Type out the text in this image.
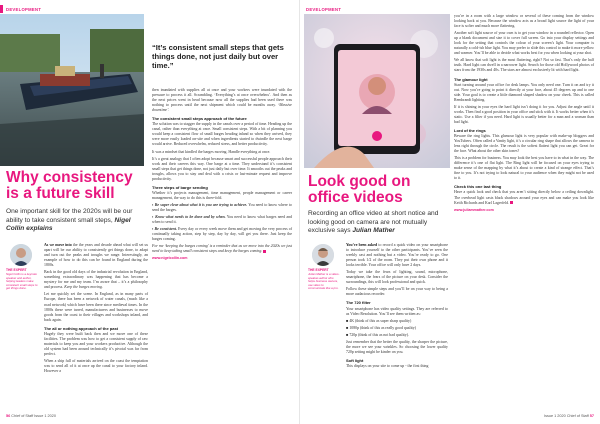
DEVELOPMENT
Why consistency is a future skill
One important skill for the 2020s will be our ability to take consistent small steps, Nigel Collin explains
THE EXPERT
Nigel Collin is a keynote speaker and author, helping leaders make consistent small steps to get things done.

As we move into the the years and decade ahead what will set us apart will be our ability to consistently get things done, to adapt and turn out the peaks and troughs we range. Interestingly, an example of how to do this can be found in England during the 1800s.

Back in the good old days of the industrial revolution in England, something extraordinary was happening that has become a mystery for me and my team. I’m aware that – it’s a philosophy and process. Keep the barges moving.

Let me quickly set the scene. In England, as in many parts of Europe, there has been a network of water canals, (much like a road network) which have been there since medieval times. In the 1800s these were tarred, manufacturers and businesses to move goods from the coast to their villages and workshops inland, and back again.

The all or nothing approach of the past

Hugely they were built back then and we move one of these facilities. The problem was how to get a consistent supply of raw materials to keep you and your workers productive. Although the old system had been around technically it’s pivotal was far from perfect.

When a ship full of materials arrived on the coast the temptation was to send all of it at once up the canal to your factory inland. However a

“It’s consistent small steps that gets things done, not just daily but over time.”

then inundated with supplies all at once and your workers were inundated with the pressure to process it all. Scrambling. ‘Everything’s at once overwhelms’. And then as the next prices went in head because now all the supplies had been used there was nothing to process until the next shipment which could be months away. ‘Massive downtime’.

The consistent small steps approach of the future

The solution was to stagger the supply in the canals over a period of time. Heading up the canal, rather than everything at once. Small consistent steps. With a bit of planning you would keep a consistent flow of small barges heading inland so when they arrived, they were more easily loaded on-site and when ingredients started to dwindle the next barge would arrive. Reduced overwhelm, reduced stress, and better productivity.

It was a mindset that kindled the barges moving. Handle everything at once.

It’s a great analogy that I often adopt because smart and successful people approach their work and their careers this way. One barge at a time. They understand it’s consistent small steps that get things done, not just daily but over time. It smooths out the peaks and troughs, allows you to stay and deal with a crisis or last-minute request and improve productivity.

Three steps of barge sending

Whether it’s projects management, time management, people management or career management, the way to do this is three-fold.

▪ Be super clear about what it is you are trying to achieve. You need to know where to send the barges.

▪ Know what needs to be done and by when. You need to know what barges need and when to send it.

▪ Be consistent. Every day or every week move them and get moving the very process of continually taking action, step by step, day by day, will get you there. Just keep the barges coming.

For me ‘keeping the barges coming’ is a reminder that as we move into the 2020s we just need to keep taking small consistent steps and keep the barges coming.

www.nigelcollin.com

56 Chief of Staff Issue 1 2020
DEVELOPMENT
Look good on office videos
Recording an office video at short notice and looking good on camera are not mutually exclusive says Julian Mather
THE EXPERT
Julian Mather is a video-speaker-author who helps business owners, use video to communicate like a pro.

You’ve been asked to record a quick video on your smartphone to introduce yourself to the other participants. You’ve seen the weekly cast and nothing but a video. You’re ready to go. One person took 1/2 of the room. They put their own phone and it looks terrible. Your office will only have 2 days.

Today we take the fears of lighting, sound, microphone, smartphone, the fears of the picture on your desk. Consider the surroundings, this will look professional and quick.

Follow these simple steps and you’ll be on your way to being a more audacious recorder.

The 720 filter

Your smartphone has video quality settings. They are referred to as Video Resolution. You’ll see them written as:

■ 4K (think of this as super sharp quality)

■ 1080p (think of this as really good quality)

■ 720p (think of this as not bad quality).

Just remember that the better the quality, the sharper the picture, the more we see your wrinkles. So choosing the lower quality 720p setting might be kinder on you.

Soft light

This displays on your site to come up - the first thing

you’re in a room with a large window or several of these coming from the window looking back at you. Because the window acts as a broad light source the light of your face is softer and much more flattering.

Another soft light source of your own is to get your window in a rounded reflector. Open up a blank document and size it to cover full screen. Go into your display settings and look for the setting that controls the colour of your screen’s light. Your computer is naturally a cold-ish blue light. You may prefer to slide this control to make it more yellow and warmer. You’ll be able to decide what works best for you when looking at your shot.

We all know that soft light is the most flattering, right? Not so fast. That’s only the half truth. Hard light can dwell in a narrower light. Search for those old Hollywood photos of stars from the 1930s and 40s. The stars are almost exclusively lit with hard light.

The glamour light

Start turning around your office for desk lamps. You only need one. Turn it on and try it out. Now you’re going to point it directly at your face, about 45 degrees up and to one side. Your goal is to create a little diamond shaped shadow on your cheek. This is called Rembrandt lighting.

If it is shining in your eyes the hard light isn’t doing it for you. Adjust the angle until it works. Then find a good position in your office and stick with it. It works better when it’s static. Use a filter if you need. Hard light is usually better for a man and a woman than bad light.

Lord of the rings

Beware the ring lights. This glamour light is very popular with make-up bloggers and YouTubers. Often called a Vanity light, it’s a circular ring shape that allows the camera to lens right through the circle. The result is the softest flattest light you can get. Great for the face. What about the other skin tones?

This is a problem for business. You may look the best you have to in what in the way. The difference it’s one of flat light. The Ring light will be focused on your eyes trying to make sense of the mapping by what it’s about to create a kind of strange effect. That’s fine to you. It’s not trying to look natural to your audience when they might not be used to it.

Check this one last thing

Have a quick look and check that you aren’t sitting directly below a ceiling downlight. The overhead light casts black shadows around your eyes and can make you look like Keith Richards and Karl Lagerfeld.

www.juliammather.com

Issue 1 2020 Chief of Staff 57
